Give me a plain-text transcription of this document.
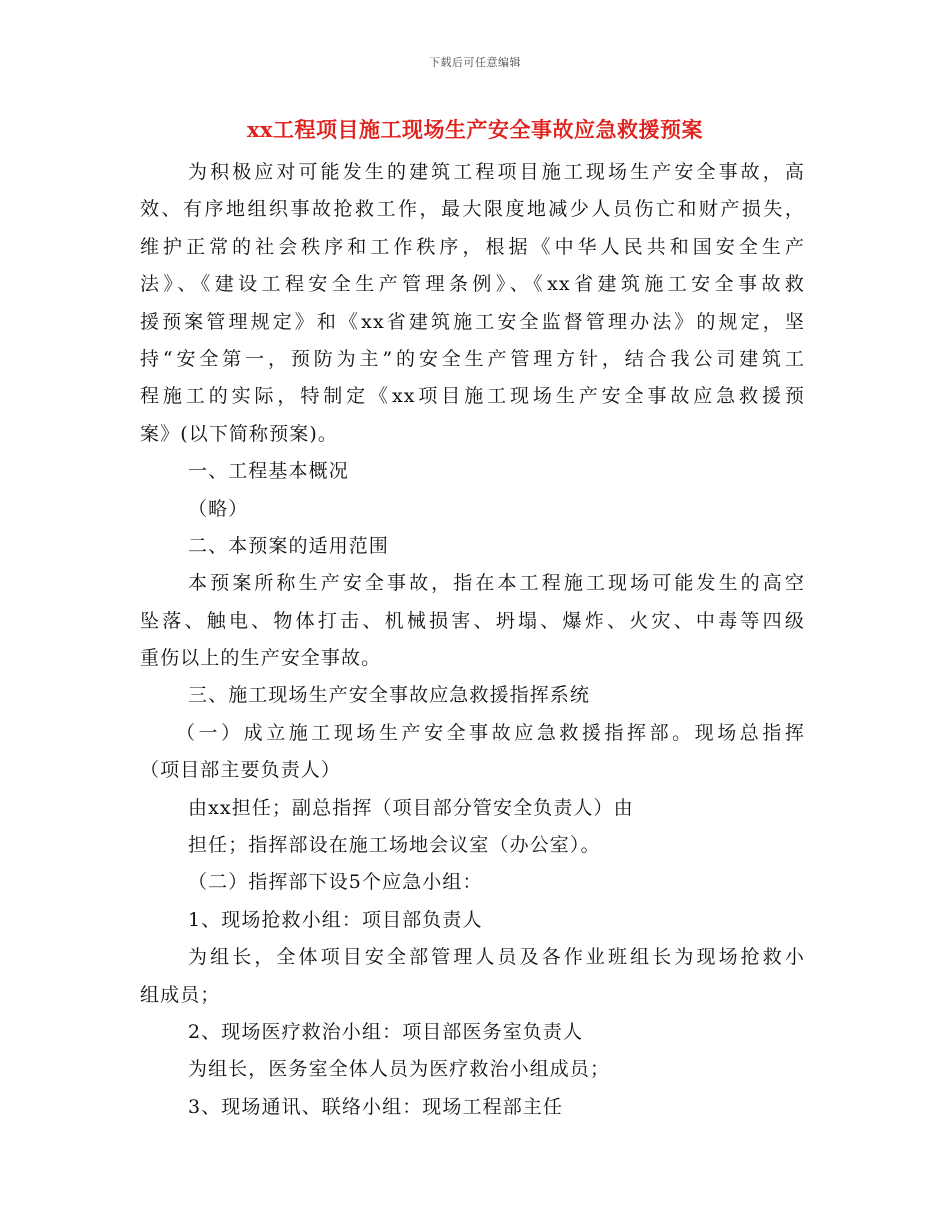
下载后可任意编辑
xx工程项目施工现场生产安全事故应急救援预案
为积极应对可能发生的建筑工程项目施工现场生产安全事故，高
效、有序地组织事故抢救工作，最大限度地减少人员伤亡和财产损失，
维护正常的社会秩序和工作秩序，根据《中华人民共和国安全生产
法》、《建设工程安全生产管理条例》、《xx省建筑施工安全事故救
援预案管理规定》和《xx省建筑施工安全监督管理办法》的规定，坚
持“安全第一，预防为主”的安全生产管理方针，结合我公司建筑工
程施工的实际，特制定《xx项目施工现场生产安全事故应急救援预
案》(以下简称预案)。
一、工程基本概况
（略）
二、本预案的适用范围
本预案所称生产安全事故，指在本工程施工现场可能发生的高空
坠落、触电、物体打击、机械损害、坍塌、爆炸、火灾、中毒等四级
重伤以上的生产安全事故。
三、施工现场生产安全事故应急救援指挥系统
（一）成立施工现场生产安全事故应急救援指挥部。现场总指挥
（项目部主要负责人）
由xx担任；副总指挥（项目部分管安全负责人）由
担任；指挥部设在施工场地会议室（办公室）。
（二）指挥部下设5个应急小组：
1、现场抢救小组：项目部负责人
为组长，全体项目安全部管理人员及各作业班组长为现场抢救小
组成员；
2、现场医疗救治小组：项目部医务室负责人
为组长，医务室全体人员为医疗救治小组成员；
3、现场通讯、联络小组：现场工程部主任
